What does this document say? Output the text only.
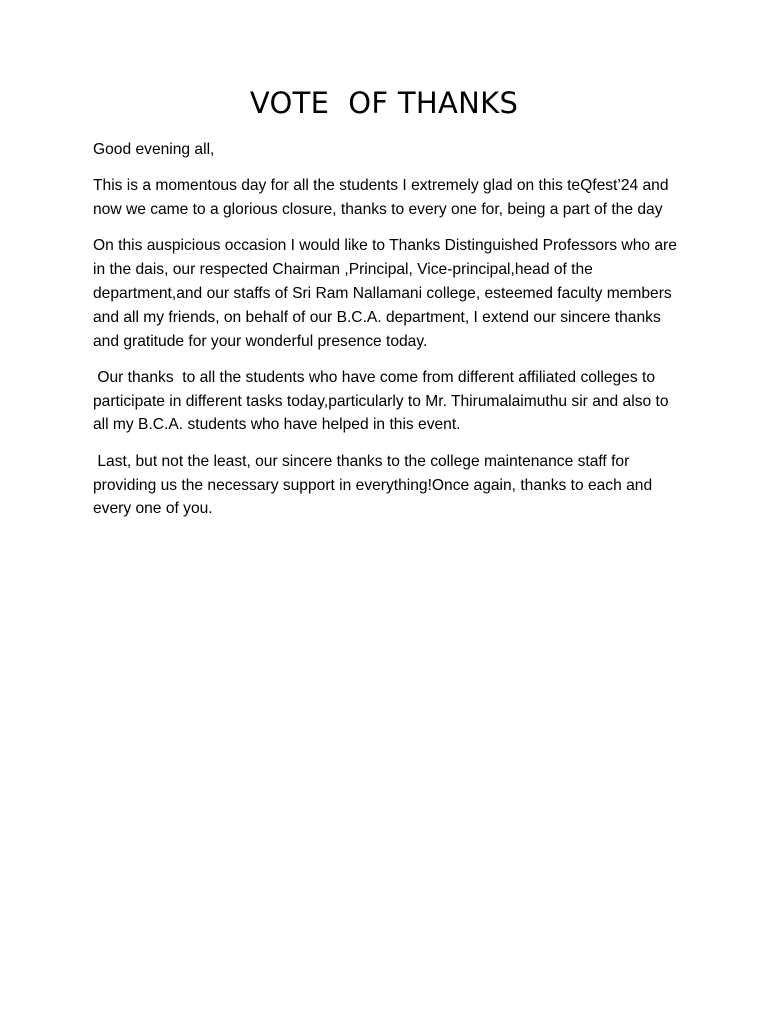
VOTE  OF THANKS

Good evening all,

This is a momentous day for all the students I extremely glad on this teQfest’24 and now we came to a glorious closure, thanks to every one for, being a part of the day

On this auspicious occasion I would like to Thanks Distinguished Professors who are in the dais, our respected Chairman ,Principal, Vice-principal,head of the department,and our staffs of Sri Ram Nallamani college, esteemed faculty members and all my friends, on behalf of our B.C.A. department, I extend our sincere thanks and gratitude for your wonderful presence today.

Our thanks  to all the students who have come from different affiliated colleges to participate in different tasks today,particularly to Mr. Thirumalaimuthu sir and also to all my B.C.A. students who have helped in this event.

Last, but not the least, our sincere thanks to the college maintenance staff for providing us the necessary support in everything!Once again, thanks to each and every one of you.
